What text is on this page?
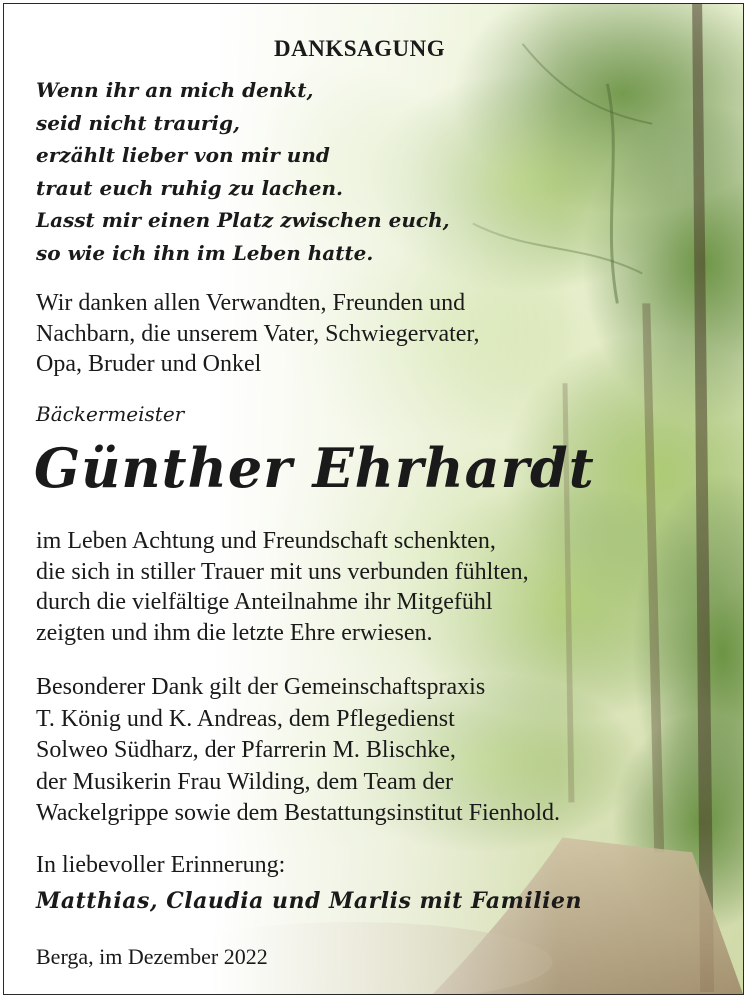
DANKSAGUNG
Wenn ihr an mich denkt,
seid nicht traurig,
erzählt lieber von mir und
traut euch ruhig zu lachen.
Lasst mir einen Platz zwischen euch,
so wie ich ihn im Leben hatte.
Wir danken allen Verwandten, Freunden und
Nachbarn, die unserem Vater, Schwiegervater,
Opa, Bruder und Onkel
Bäckermeister
Günther Ehrhardt
im Leben Achtung und Freundschaft schenkten,
die sich in stiller Trauer mit uns verbunden fühlten,
durch die vielfältige Anteilnahme ihr Mitgefühl
zeigten und ihm die letzte Ehre erwiesen.
Besonderer Dank gilt der Gemeinschaftspraxis
T. König und K. Andreas, dem Pflegedienst
Solweo Südharz, der Pfarrerin M. Blischke,
der Musikerin Frau Wilding, dem Team der
Wackelgrippe sowie dem Bestattungsinstitut Fienhold.
In liebevoller Erinnerung:
Matthias, Claudia und Marlis mit Familien
Berga, im Dezember 2022
